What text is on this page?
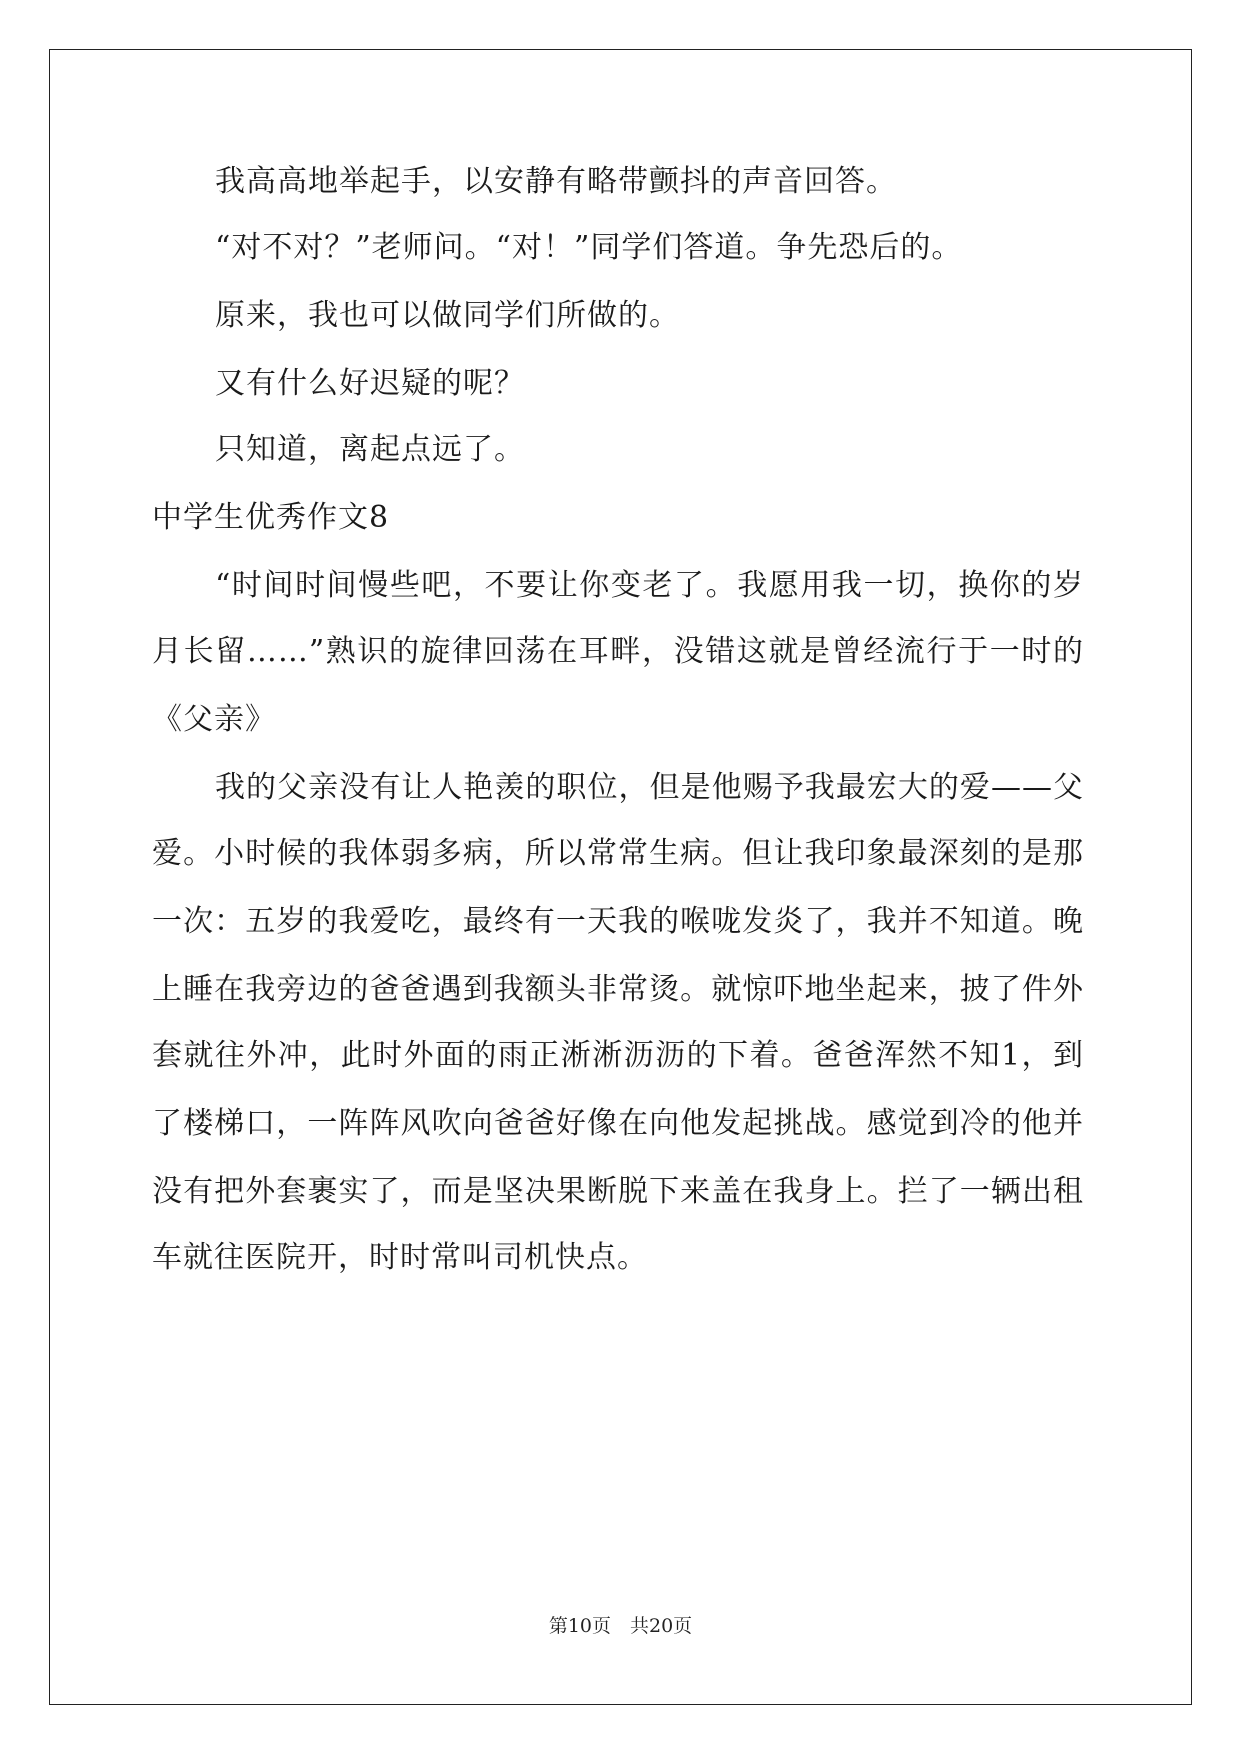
我高高地举起手，以安静有略带颤抖的声音回答。
“对不对？”老师问。“对！”同学们答道。争先恐后的。
原来，我也可以做同学们所做的。
又有什么好迟疑的呢？
只知道，离起点远了。
中学生优秀作文8
“时间时间慢些吧，不要让你变老了。我愿用我一切，换你的岁
月长留……”熟识的旋律回荡在耳畔，没错这就是曾经流行于一时的
《父亲》
我的父亲没有让人艳羡的职位，但是他赐予我最宏大的爱——父
爱。小时候的我体弱多病，所以常常生病。但让我印象最深刻的是那
一次：五岁的我爱吃，最终有一天我的喉咙发炎了，我并不知道。晚
上睡在我旁边的爸爸遇到我额头非常烫。就惊吓地坐起来，披了件外
套就往外冲，此时外面的雨正淅淅沥沥的下着。爸爸浑然不知1，到
了楼梯口，一阵阵风吹向爸爸好像在向他发起挑战。感觉到冷的他并
没有把外套裹实了，而是坚决果断脱下来盖在我身上。拦了一辆出租
车就往医院开，时时常叫司机快点。
第10页　共20页
